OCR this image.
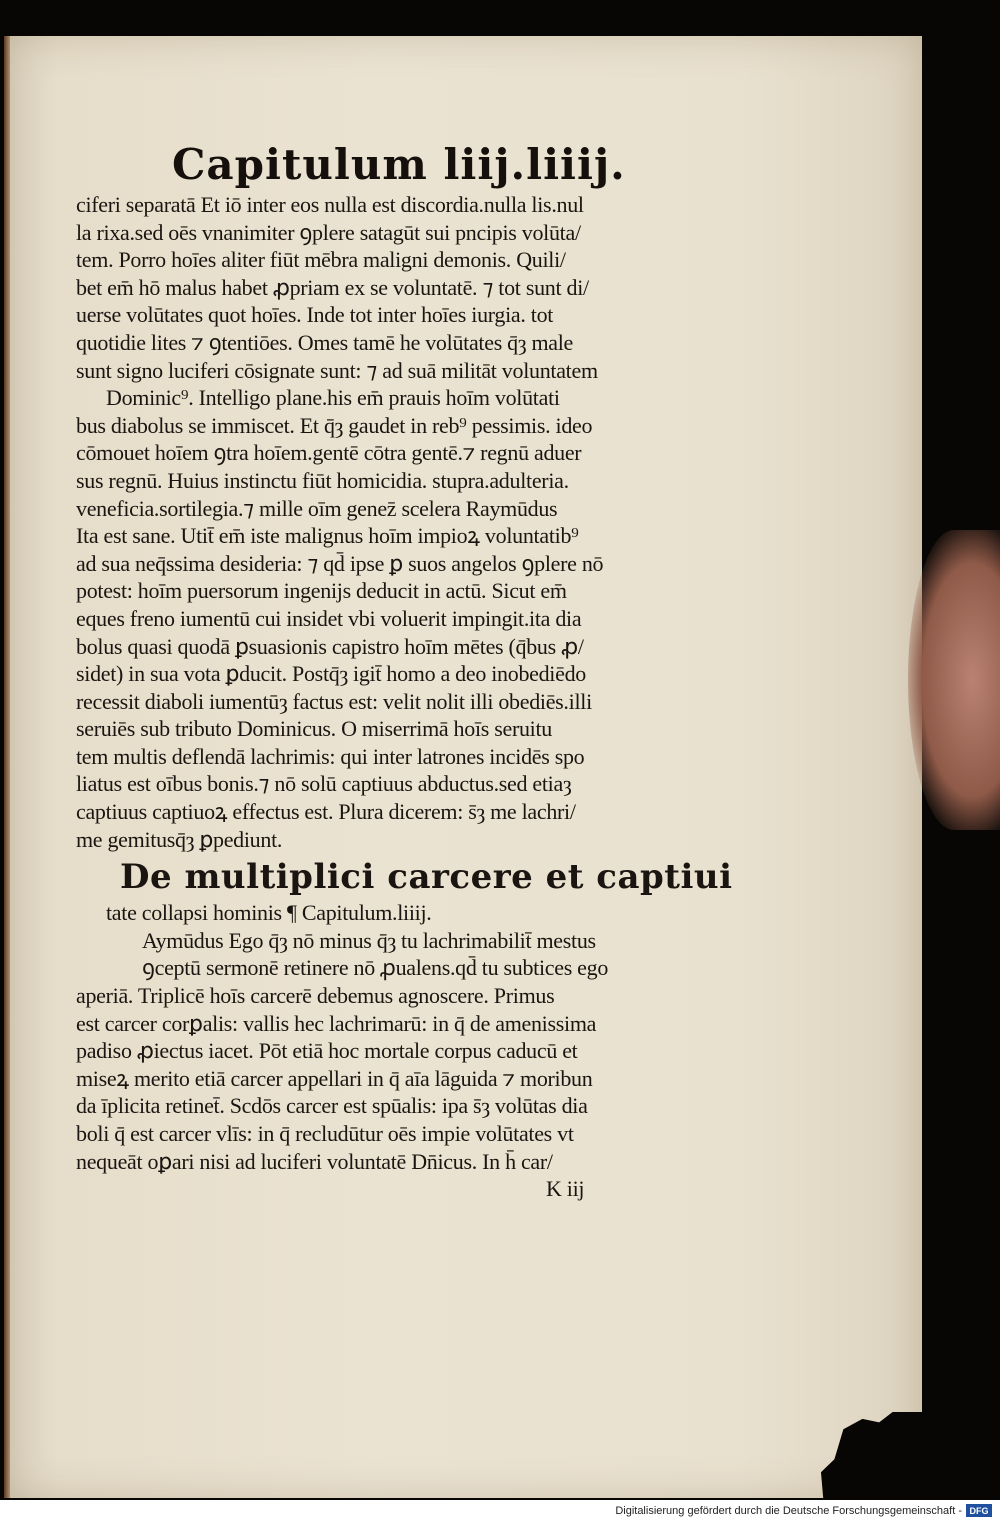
Capitulum liij.liiij.
ciferi separatā Et iō inter eos nulla est discordia.nulla lis.nul
la rixa.sed oēs vnanimiter ꝯplere satagūt sui pncipis volūta/
tem. Porro hoīes aliter fiūt mēbra maligni demonis. Quili/
bet em̄ hō malus habet ꝓpriam ex se voluntatē. ⁊ tot sunt di/
uerse volūtates quot hoīes. Inde tot inter hoīes iurgia. tot
quotidie lites ⁊ ꝯtentiōes. Omes tamē he volūtates q̄ȝ male
sunt signo luciferi cōsignate sunt: ⁊ ad suā militāt voluntatem
Dominic⁹. Intelligo plane.his em̄ prauis hoīm volūtati
bus diabolus se immiscet. Et q̄ȝ gaudet in reb⁹ pessimis. ideo
cōmouet hoīem ꝯtra hoīem.gentē cōtra gentē.⁊ regnū aduer
sus regnū. Huius instinctu fiūt homicidia. stupra.adulteria.
veneficia.sortilegia.⁊ mille oīm genez̄ scelera Raymūdus
Ita est sane. Utit̄ em̄ iste malignus hoīm impioꝝ voluntatib⁹
ad sua neq̄ssima desideria: ⁊ qd̄ ipse ꝑ suos angelos ꝯplere nō
potest: hoīm puersorum ingenijs deducit in actū. Sicut em̄
eques freno iumentū cui insidet vbi voluerit impingit.ita dia
bolus quasi quodā ꝑsuasionis capistro hoīm mētes (q̄bus ꝓ/
sidet) in sua vota ꝑducit. Postq̄ȝ igit̄ homo a deo inobediēdo
recessit diaboli iumentūȝ factus est: velit nolit illi obediēs.illi
seruiēs sub tributo Dominicus. O miserrimā hoīs seruitu
tem multis deflendā lachrimis: qui inter latrones incidēs spo
liatus est oībus bonis.⁊ nō solū captiuus abductus.sed etiaȝ
captiuus captiuoꝝ effectus est. Plura dicerem: s̄ȝ me lachri/
me gemitusq̄ȝ ꝑpediunt.
De multiplici carcere et captiui
tate collapsi hominis ¶ Capitulum.liiij.
Aymūdus Ego q̄ȝ nō minus q̄ȝ tu lachrimabilit̄ mestus
ꝯceptū sermonē retinere nō ꝓualens.qd̄ tu subtices ego
aperiā. Triplicē hoīs carcerē debemus agnoscere. Primus
est carcer corꝑalis: vallis hec lachrimarū: in q̄ de amenissima
padiso ꝓiectus iacet. Pōt etiā hoc mortale corpus caducū et
miseꝝ merito etiā carcer appellari in q̄ aīa lāguida ⁊ moribun
da īplicita retinet̄. Scdōs carcer est spūalis: ipa s̄ȝ volūtas dia
boli q̄ est carcer vlīs: in q̄ recludūtur oēs impie volūtates vt
nequeāt oꝑari nisi ad luciferi voluntatē Dn̄icus. In h̄ car/
K iij
Digitalisierung gefördert durch die Deutsche Forschungsgemeinschaft - DFG
